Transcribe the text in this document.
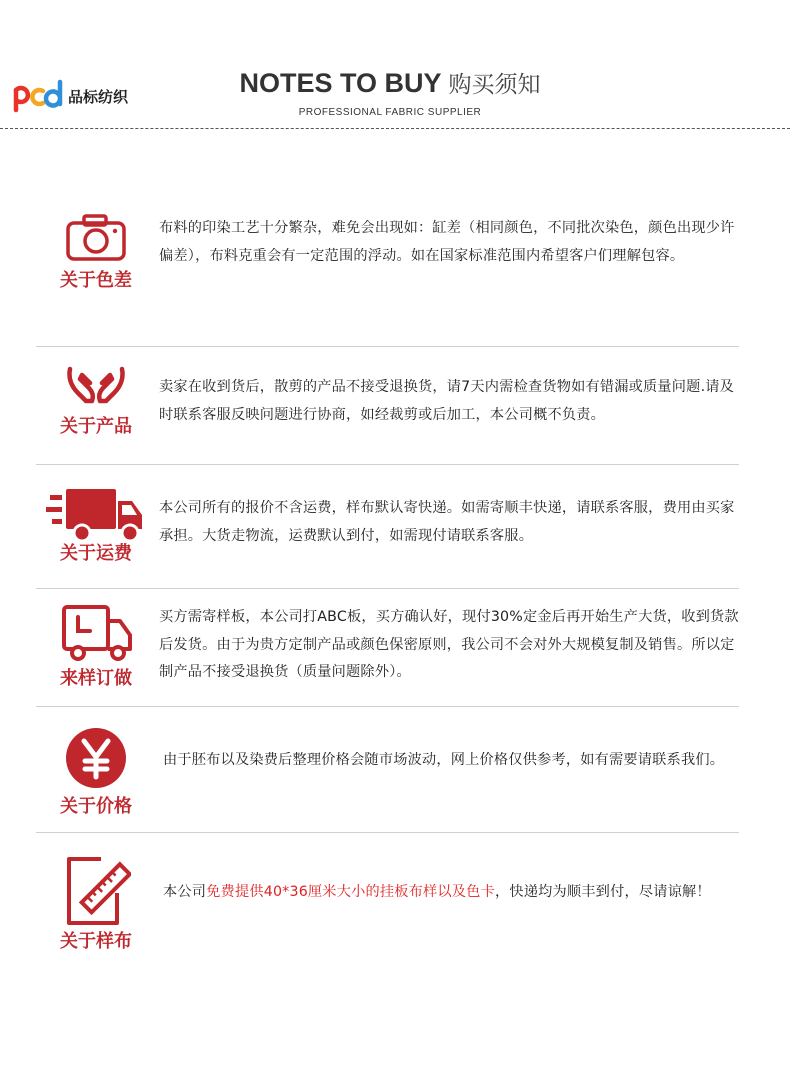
品标纺织	NOTES TO BUY 购买须知
PROFESSIONAL FABRIC SUPPLIER
关于色差
布料的印染工艺十分繁杂，难免会出现如：缸差（相同颜色，不同批次染色，颜色出现少许偏差），布料克重会有一定范围的浮动。如在国家标准范围内希望客户们理解包容。
关于产品
卖家在收到货后，散剪的产品不接受退换货，请7天内需检查货物如有错漏或质量问题.请及时联系客服反映问题进行协商，如经裁剪或后加工，本公司概不负责。
关于运费
本公司所有的报价不含运费，样布默认寄快递。如需寄顺丰快递，请联系客服，费用由买家承担。大货走物流，运费默认到付，如需现付请联系客服。
来样订做
买方需寄样板，本公司打ABC板，买方确认好，现付30%定金后再开始生产大货，收到货款后发货。由于为贵方定制产品或颜色保密原则，我公司不会对外大规模复制及销售。所以定制产品不接受退换货（质量问题除外）。
关于价格
由于胚布以及染费后整理价格会随市场波动，网上价格仅供参考，如有需要请联系我们。
关于样布
本公司免费提供40*36厘米大小的挂板布样以及色卡，快递均为顺丰到付，尽请谅解！
